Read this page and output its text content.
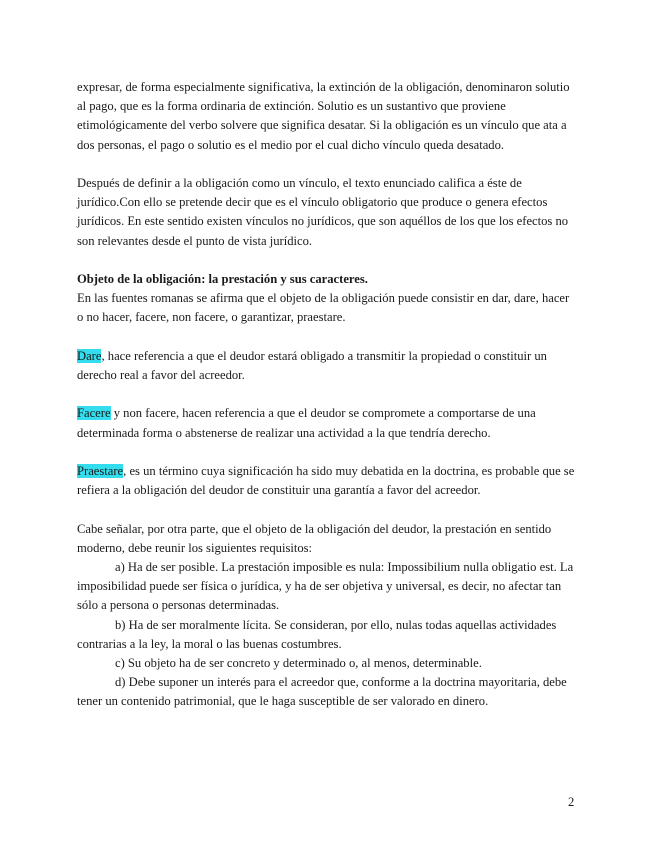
expresar, de forma especialmente significativa, la extinción de la obligación, denominaron solutio al pago, que es la forma ordinaria de extinción. Solutio es un sustantivo que proviene etimológicamente del verbo solvere que significa desatar. Si la obligación es un vínculo que ata a dos personas, el pago o solutio es el medio por el cual dicho vínculo queda desatado.

Después de definir a la obligación como un vínculo, el texto enunciado califica a éste de jurídico.Con ello se pretende decir que es el vínculo obligatorio que produce o genera efectos jurídicos. En este sentido existen vínculos no jurídicos, que son aquéllos de los que los efectos no son relevantes desde el punto de vista jurídico.

Objeto de la obligación: la prestación y sus caracteres.

En las fuentes romanas se afirma que el objeto de la obligación puede consistir en dar, dare, hacer o no hacer, facere, non facere, o garantizar, praestare.

Dare, hace referencia a que el deudor estará obligado a transmitir la propiedad o constituir un derecho real a favor del acreedor.

Facere y non facere, hacen referencia a que el deudor se compromete a comportarse de una determinada forma o abstenerse de realizar una actividad a la que tendría derecho.

Praestare, es un término cuya significación ha sido muy debatida en la doctrina, es probable que se refiera a la obligación del deudor de constituir una garantía a favor del acreedor.

Cabe señalar, por otra parte, que el objeto de la obligación del deudor, la prestación en sentido moderno, debe reunir los siguientes requisitos:

a) Ha de ser posible. La prestación imposible es nula: Impossibilium nulla obligatio est. La imposibilidad puede ser física o jurídica, y ha de ser objetiva y universal, es decir, no afectar tan sólo a persona o personas determinadas.

b) Ha de ser moralmente lícita. Se consideran, por ello, nulas todas aquellas actividades

contrarias a la ley, la moral o las buenas costumbres.

c) Su objeto ha de ser concreto y determinado o, al menos, determinable.

d) Debe suponer un interés para el acreedor que, conforme a la doctrina mayoritaria, debe tener un contenido patrimonial, que le haga susceptible de ser valorado en dinero.

2
